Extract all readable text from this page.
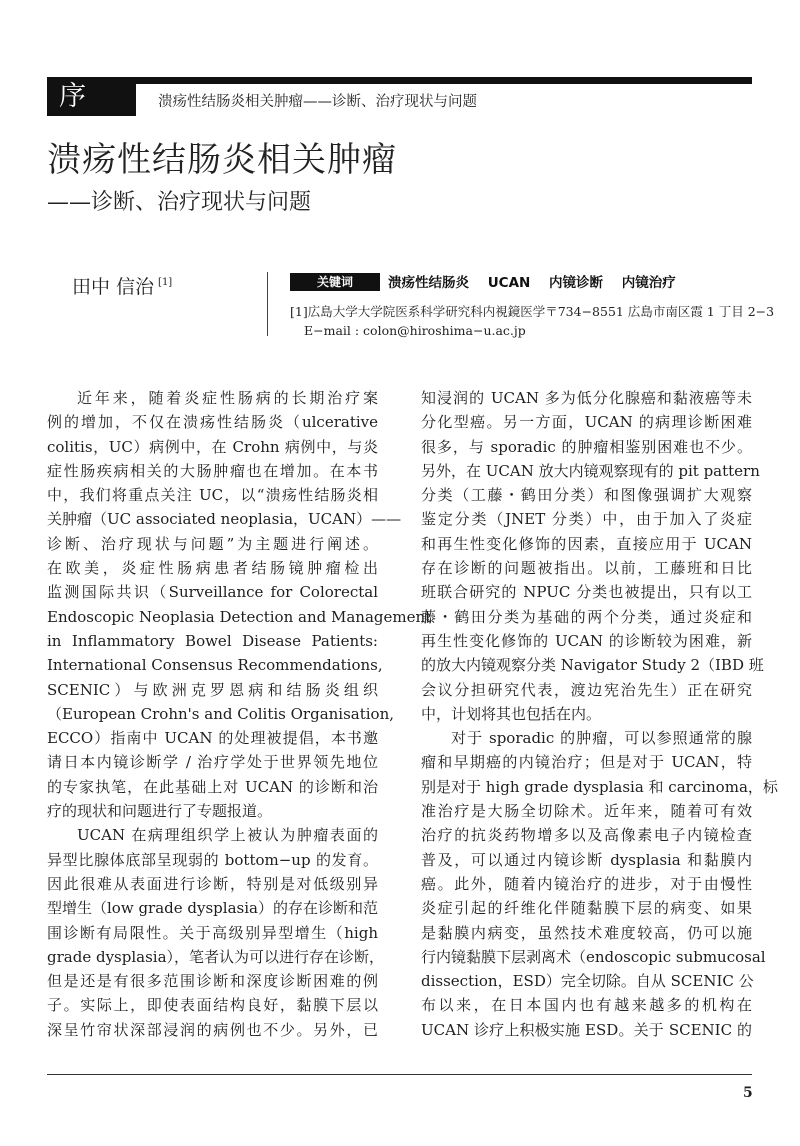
序	溃疡性结肠炎相关肿瘤——诊断、治疗现状与问题
溃疡性结肠炎相关肿瘤
——诊断、治疗现状与问题
田中 信治 [1]	关键词	溃疡性结肠炎 UCAN 内镜诊断 内镜治疗
[1]広島大学大学院医系科学研究科内視鏡医学〒734−8551 広島市南区霞 1 丁目 2−3
E−mail : colon@hiroshima−u.ac.jp
近年来，随着炎症性肠病的长期治疗案
例的增加，不仅在溃疡性结肠炎（ulcerative
colitis，UC）病例中，在 Crohn 病例中，与炎
症性肠疾病相关的大肠肿瘤也在增加。在本书
中，我们将重点关注 UC，以“溃疡性结肠炎相
关肿瘤（UC associated neoplasia，UCAN）——
诊断、治疗现状与问题”为主题进行阐述。
在欧美，炎症性肠病患者结肠镜肿瘤检出
监测国际共识（Surveillance for Colorectal
Endoscopic Neoplasia Detection and Management
in Inflammatory Bowel Disease Patients:
International Consensus Recommendations,
SCENIC）与欧洲克罗恩病和结肠炎组织
（European Crohn's and Colitis Organisation,
ECCO）指南中 UCAN 的处理被提倡，本书邀
请日本内镜诊断学 / 治疗学处于世界领先地位
的专家执笔，在此基础上对 UCAN 的诊断和治
疗的现状和问题进行了专题报道。
UCAN 在病理组织学上被认为肿瘤表面的
异型比腺体底部呈现弱的 bottom−up 的发育。
因此很难从表面进行诊断，特别是对低级别异
型增生（low grade dysplasia）的存在诊断和范
围诊断有局限性。关于高级别异型增生（high
grade dysplasia），笔者认为可以进行存在诊断，
但是还是有很多范围诊断和深度诊断困难的例
子。实际上，即使表面结构良好，黏膜下层以
深呈竹帘状深部浸润的病例也不少。另外，已
知浸润的 UCAN 多为低分化腺癌和黏液癌等未
分化型癌。另一方面，UCAN 的病理诊断困难
很多，与 sporadic 的肿瘤相鉴别困难也不少。
另外，在 UCAN 放大内镜观察现有的 pit pattern
分类（工藤・鹤田分类）和图像强调扩大观察
鉴定分类（JNET 分类）中，由于加入了炎症
和再生性变化修饰的因素，直接应用于 UCAN
存在诊断的问题被指出。以前，工藤班和日比
班联合研究的 NPUC 分类也被提出，只有以工
藤・鹤田分类为基础的两个分类，通过炎症和
再生性变化修饰的 UCAN 的诊断较为困难，新
的放大内镜观察分类 Navigator Study 2（IBD 班
会议分担研究代表，渡边宪治先生）正在研究
中，计划将其也包括在内。
对于 sporadic 的肿瘤，可以参照通常的腺
瘤和早期癌的内镜治疗；但是对于 UCAN，特
别是对于 high grade dysplasia 和 carcinoma，标
准治疗是大肠全切除术。近年来，随着可有效
治疗的抗炎药物增多以及高像素电子内镜检查
普及，可以通过内镜诊断 dysplasia 和黏膜内
癌。此外，随着内镜治疗的进步，对于由慢性
炎症引起的纤维化伴随黏膜下层的病变、如果
是黏膜内病变，虽然技术难度较高，仍可以施
行内镜黏膜下层剥离术（endoscopic submucosal
dissection，ESD）完全切除。自从 SCENIC 公
布以来，在日本国内也有越来越多的机构在
UCAN 诊疗上积极实施 ESD。关于 SCENIC 的
5
